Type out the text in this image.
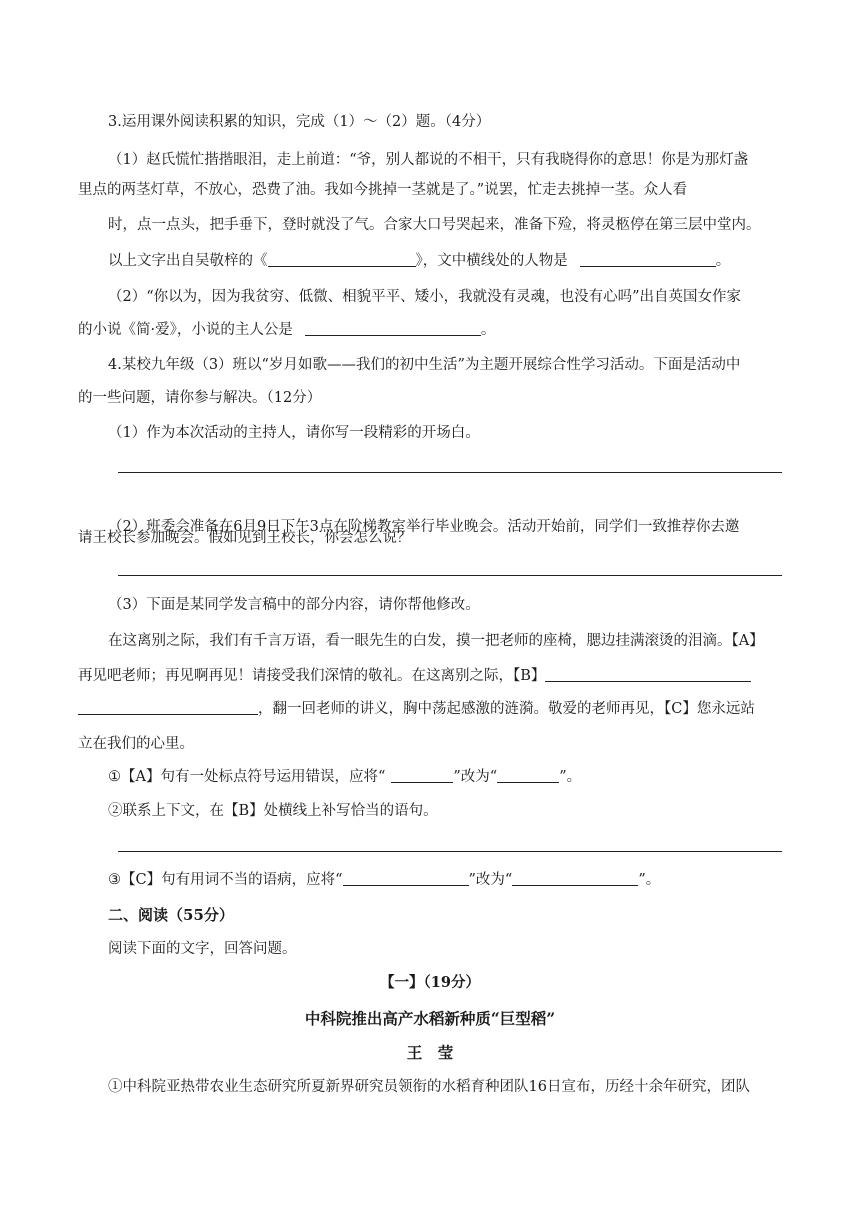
3.运用课外阅读积累的知识，完成（1）～（2）题。（4分）
（1）赵氏慌忙揩揩眼泪，走上前道：“爷，别人都说的不相干，只有我晓得你的意思！你是为那灯盏
里点的两茎灯草，不放心，恐费了油。我如今挑掉一茎就是了。”说罢，忙走去挑掉一茎。众人看
时，点一点头，把手垂下，登时就没了气。合家大口号哭起来，准备下殓，将灵柩停在第三层中堂内。
以上文字出自吴敬梓的《	》，文中横线处的人物是	。
（2）“你以为，因为我贫穷、低微、相貌平平、矮小，我就没有灵魂，也没有心吗”出自英国女作家
的小说《简·爱》，小说的主人公是	。
4.某校九年级（3）班以“岁月如歌——我们的初中生活”为主题开展综合性学习活动。下面是活动中
的一些问题，请你参与解决。（12分）
（1）作为本次活动的主持人，请你写一段精彩的开场白。
（2）班委会准备在6月9日下午3点在阶梯教室举行毕业晚会。活动开始前，同学们一致推荐你去邀
请王校长参加晚会。假如见到王校长，你会怎么说？
（3）下面是某同学发言稿中的部分内容，请你帮他修改。
在这离别之际，我们有千言万语，看一眼先生的白发，摸一把老师的座椅，腮边挂满滚烫的泪滴。【A】
再见吧老师；再见啊再见！请接受我们深情的敬礼。在这离别之际，【B】
，翻一回老师的讲义，胸中荡起感激的涟漪。敬爱的老师再见，【C】您永远站
立在我们的心里。
①【A】句有一处标点符号运用错误，应将“	”改为“	”。
②联系上下文，在【B】处横线上补写恰当的语句。
③【C】句有用词不当的语病，应将“	”改为“	”。
二、阅读（55分）
阅读下面的文字，回答问题。
【一】（19分）
中科院推出高产水稻新种质“巨型稻”
王　莹
①中科院亚热带农业生态研究所夏新界研究员领衔的水稻育种团队16日宣布，历经十余年研究，团队
